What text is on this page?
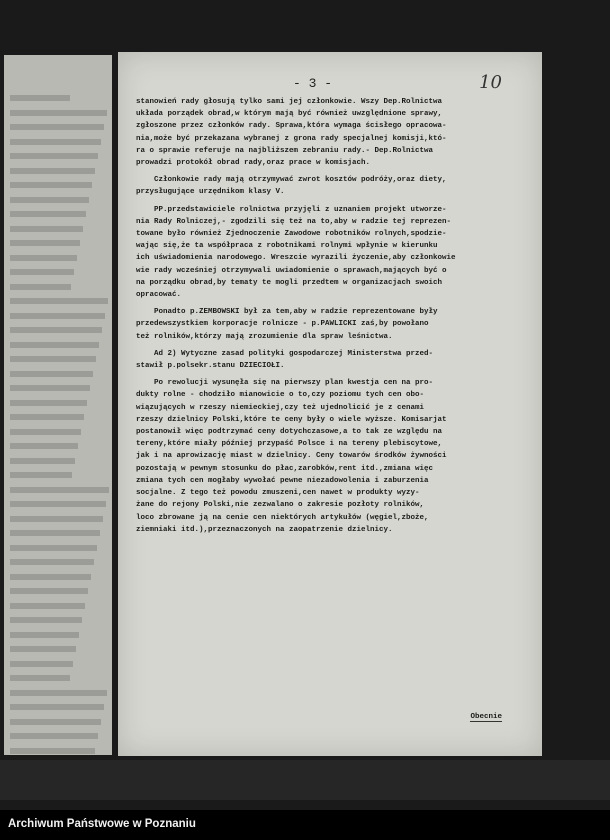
- 3 -	10
stanowień rady głosują tylko sami jej członkowie. Wszy Dep.Rolnictwa
układa porządek obrad,w którym mają być również uwzględnione sprawy,
zgłoszone przez członków rady. Sprawa,która wymaga ścisłego opracowa-
nia,może być przekazana wybranej z grona rady specjalnej komisji,któ-
ra o sprawie referuje na najbliższem zebraniu rady.- Dep.Rolnictwa
prowadzi protokół obrad rady,oraz prace w komisjach.
Członkowie rady mają otrzymywać zwrot kosztów podróży,oraz diety,
przysługujące urzędnikom klasy V.
PP.przedstawiciele rolnictwa przyjęli z uznaniem projekt utworze-
nia Rady Rolniczej,- zgodzili się też na to,aby w radzie tej reprezen-
towane było również Zjednoczenie Zawodowe robotników rolnych,spodzie-
wając się,że ta współpraca z robotnikami rolnymi wpłynie w kierunku
ich uświadomienia narodowego. Wreszcie wyrazili życzenie,aby członkowie
wie rady wcześniej otrzymywali uwiadomienie o sprawach,mających być o
na porządku obrad,by tematy te mogli przedtem w organizacjach swoich
opracować.
Ponadto p.ZEMBOWSKI był za tem,aby w radzie reprezentowane były
przedewszystkiem korporacje rolnicze - p.PAWLICKI zaś,by powołano
też rolników,którzy mają zrozumienie dla spraw leśnictwa.
Ad 2) Wytyczne zasad polityki gospodarczej Ministerstwa przed-
stawił p.polsekr.stanu DZIECIOŁI.
Po rewolucji wysunęła się na pierwszy plan kwestja cen na pro-
dukty rolne - chodziło mianowicie o to,czy poziomu tych cen obo-
wiązujących w rzeszy niemieckiej,czy też ujednolicić je z cenami
rzeszy dzielnicy Polski,które te ceny były o wiele wyższe. Komisarjat
postanowił więc podtrzymać ceny dotychczasowe,a to tak ze względu na
tereny,które miały później przypaść Polsce i na tereny plebiscytowe,
jak i na aprowizację miast w dzielnicy. Ceny towarów środków żywności
pozostają w pewnym stosunku do płac,zarobków,rent itd.,zmiana więc
zmiana tych cen mogłaby wywołać pewne niezadowolenia i zaburzenia
socjalne. Z tego też powodu zmuszeni,cen nawet w produkty wyzy-
żane do rejony Polski,nie zezwalano o zakresie pozłoty rolników,
loco zbrowane ją na cenie cen niektórych artykułów (węgiel,zboże,
ziemniaki itd.),przeznaczonych na zaopatrzenie dzielnicy.
Obecnie
Archiwum Państwowe w Poznaniu
